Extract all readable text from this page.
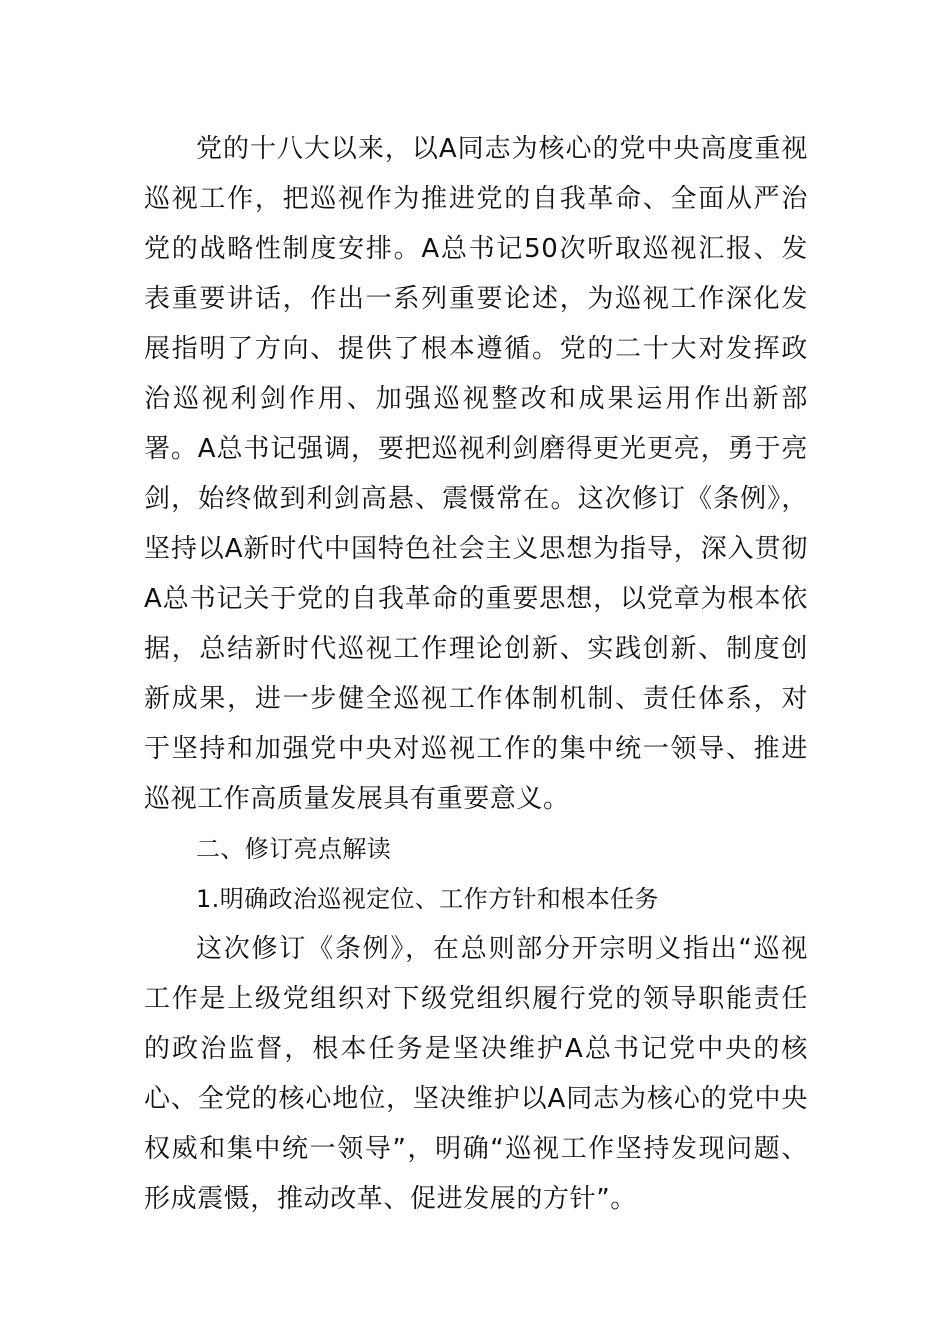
党的十八大以来，以A同志为核心的党中央高度重视巡视工作，把巡视作为推进党的自我革命、全面从严治党的战略性制度安排。A总书记50次听取巡视汇报、发表重要讲话，作出一系列重要论述，为巡视工作深化发展指明了方向、提供了根本遵循。党的二十大对发挥政治巡视利剑作用、加强巡视整改和成果运用作出新部署。A总书记强调，要把巡视利剑磨得更光更亮，勇于亮剑，始终做到利剑高悬、震慑常在。这次修订《条例》，坚持以A新时代中国特色社会主义思想为指导，深入贯彻A总书记关于党的自我革命的重要思想，以党章为根本依据，总结新时代巡视工作理论创新、实践创新、制度创新成果，进一步健全巡视工作体制机制、责任体系，对于坚持和加强党中央对巡视工作的集中统一领导、推进巡视工作高质量发展具有重要意义。

二、修订亮点解读

1.明确政治巡视定位、工作方针和根本任务

这次修订《条例》，在总则部分开宗明义指出“巡视工作是上级党组织对下级党组织履行党的领导职能责任的政治监督，根本任务是坚决维护A总书记党中央的核心、全党的核心地位，坚决维护以A同志为核心的党中央权威和集中统一领导”，明确“巡视工作坚持发现问题、形成震慑，推动改革、促进发展的方针”。
